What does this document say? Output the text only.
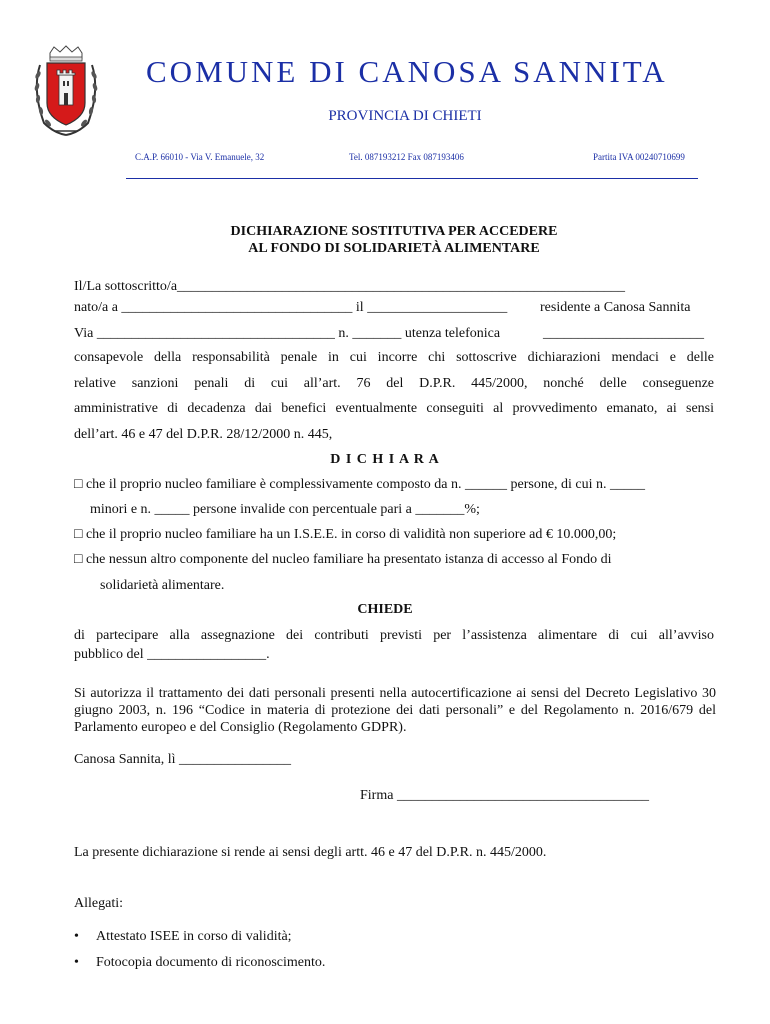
COMUNE DI CANOSA SANNITA
PROVINCIA DI CHIETI
C.A.P. 66010 - Via V. Emanuele, 32	Tel. 087193212 Fax 087193406	Partita IVA 00240710699
DICHIARAZIONE SOSTITUTIVA PER ACCEDERE
AL FONDO DI SOLIDARIETÀ ALIMENTARE
Il/La sottoscritto/a________________________________________________________________
nato/a a _________________________________ il ____________________ residente a Canosa Sannita
Via __________________________________ n. _______ utenza telefonica	_______________________
consapevole della responsabilità penale in cui incorre chi sottoscrive dichiarazioni mendaci e delle
relative sanzioni penali di cui all’art. 76 del D.P.R. 445/2000, nonché delle conseguenze
amministrative di decadenza dai benefici eventualmente conseguiti al provvedimento emanato, ai sensi
dell’art. 46 e 47 del D.P.R. 28/12/2000 n. 445,
D I C H I A R A
□ che il proprio nucleo familiare è complessivamente composto da n. ______ persone, di cui n. _____
minori e n. _____ persone invalide con percentuale pari a _______%;
□ che il proprio nucleo familiare ha un I.S.E.E. in corso di validità non superiore ad € 10.000,00;
□ che nessun altro componente del nucleo familiare ha presentato istanza di accesso al Fondo di
solidarietà alimentare.
CHIEDE
di partecipare alla assegnazione dei contributi previsti per l’assistenza alimentare di cui all’avviso
pubblico del _________________.
Si autorizza il trattamento dei dati personali presenti nella autocertificazione ai sensi del Decreto Legislativo 30 giugno 2003, n. 196 “Codice in materia di protezione dei dati personali” e del Regolamento n. 2016/679 del Parlamento europeo e del Consiglio (Regolamento GDPR).
Canosa Sannita, lì ________________
Firma ____________________________________
La presente dichiarazione si rende ai sensi degli artt. 46 e 47 del D.P.R. n. 445/2000.
Allegati:
• Attestato ISEE in corso di validità;
• Fotocopia documento di riconoscimento.
